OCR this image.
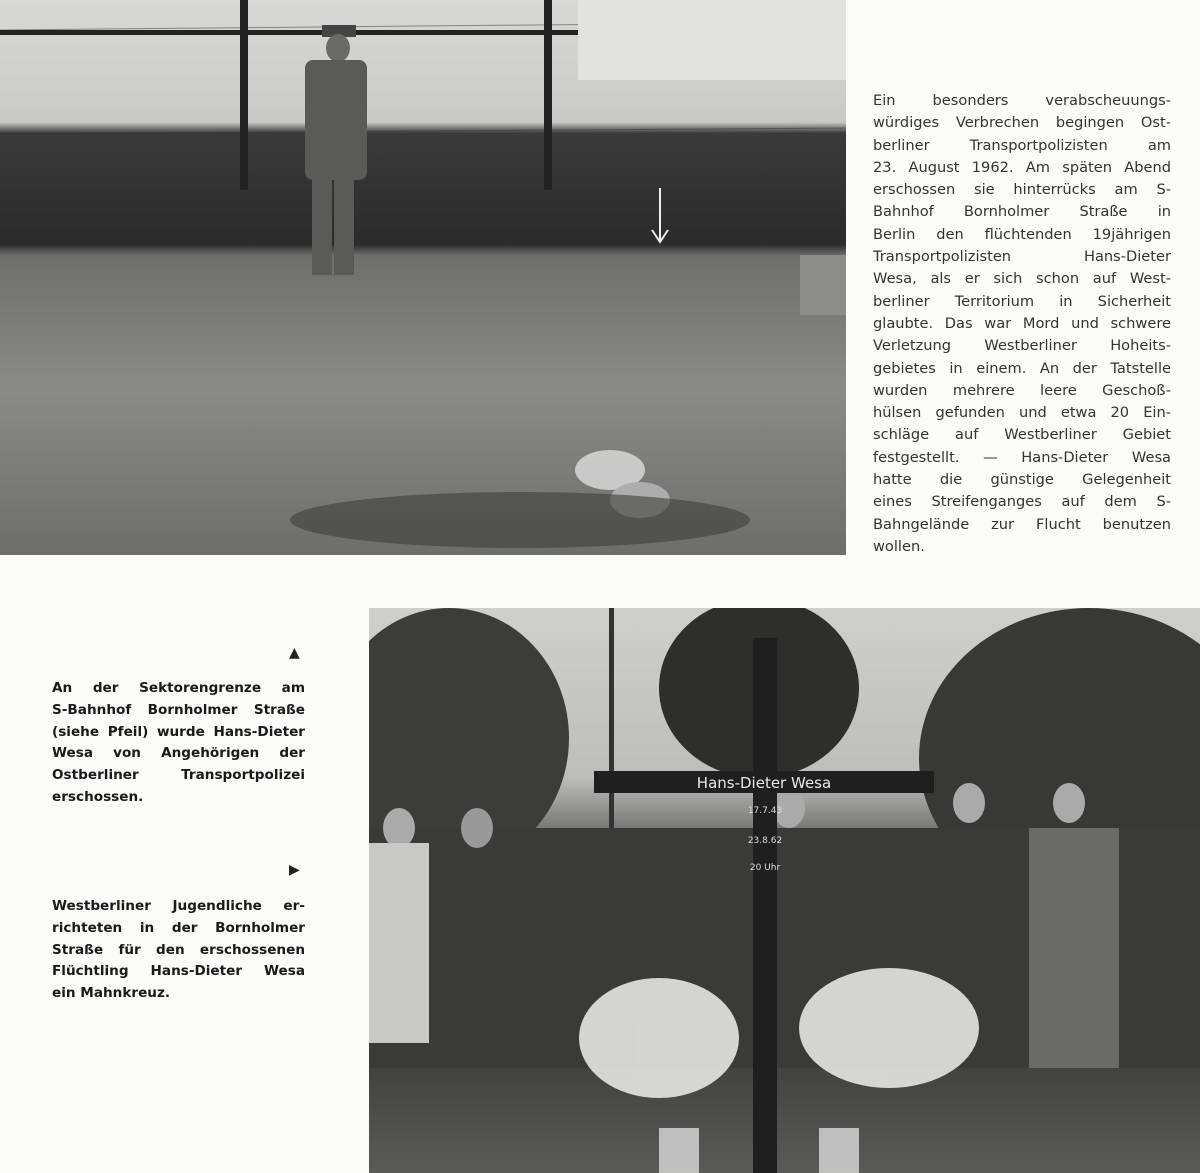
Ein besonders verabscheuungs-
würdiges Verbrechen begingen Ost-
berliner Transportpolizisten am
23. August 1962. Am späten Abend
erschossen sie hinterrücks am S-
Bahnhof Bornholmer Straße in
Berlin den flüchtenden 19jährigen
Transportpolizisten Hans-Dieter
Wesa, als er sich schon auf West-
berliner Territorium in Sicherheit
glaubte. Das war Mord und schwere
Verletzung Westberliner Hoheits-
gebietes in einem. An der Tatstelle
wurden mehrere leere Geschoß-
hülsen gefunden und etwa 20 Ein-
schläge auf Westberliner Gebiet
festgestellt. — Hans-Dieter Wesa
hatte die günstige Gelegenheit
eines Streifenganges auf dem S-
Bahngelände zur Flucht benutzen
wollen.
▲
An der Sektorengrenze am
S-Bahnhof Bornholmer Straße
(siehe Pfeil) wurde Hans-Dieter
Wesa von Angehörigen der
Ostberliner Transportpolizei
erschossen.
▶
Westberliner Jugendliche er-
richteten in der Bornholmer
Straße für den erschossenen
Flüchtling Hans-Dieter Wesa
ein Mahnkreuz.
Hans-Dieter Wesa
17.7.43
23.8.62
20 Uhr
